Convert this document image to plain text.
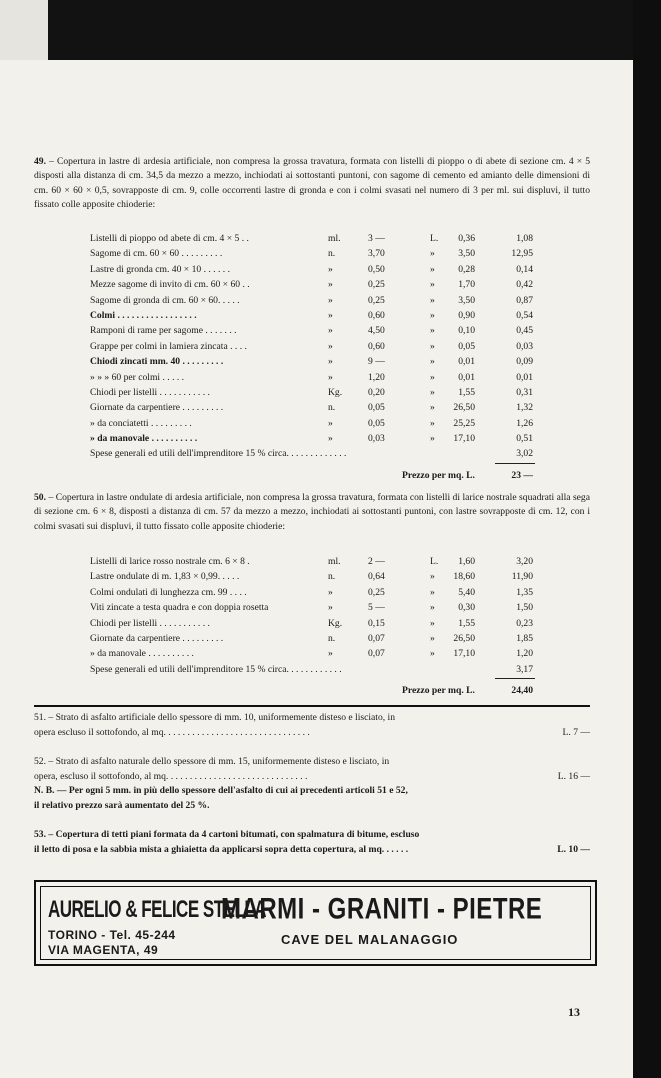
49. – Copertura in lastre di ardesia artificiale, non compresa la grossa travatura, formata con listelli di pioppo o di abete di sezione cm. 4 × 5 disposti alla distanza di cm. 34,5 da mezzo a mezzo, inchiodati ai sottostanti puntoni, con sagome di cemento ed amianto delle dimensioni di cm. 60 × 60 × 0,5, sovrapposte di cm. 9, colle occorrenti lastre di gronda e con i colmi svasati nel numero di 3 per ml. sui displuvi, il tutto fissato colle apposite chioderie:
Listelli di pioppo od abete di cm. 4 × 5 . .	ml.	3 —	L.	0,36	1,08
Sagome di cm. 60 × 60 . . . . . . . . .	n.	3,70	»	3,50	12,95
Lastre di gronda cm. 40 × 10 . . . . . .	»	0,50	»	0,28	0,14
Mezze sagome di invito di cm. 60 × 60 . .	»	0,25	»	1,70	0,42
Sagome di gronda di cm. 60 × 60. . . . .	»	0,25	»	3,50	0,87
Colmi . . . . . . . . . . . . . . . . .	»	0,60	»	0,90	0,54
Ramponi di rame per sagome . . . . . . .	»	4,50	»	0,10	0,45
Grappe per colmi in lamiera zincata . . . .	»	0,60	»	0,05	0,03
Chiodi zincati mm. 40 . . . . . . . . .	»	9 —	»	0,01	0,09
» » » 60 per colmi . . . . .	»	1,20	»	0,01	0,01
Chiodi per listelli . . . . . . . . . . .	Kg.	0,20	»	1,55	0,31
Giornate da carpentiere . . . . . . . . .	n.	0,05	»	26,50	1,32
» da conciatetti . . . . . . . . .	»	0,05	»	25,25	1,26
» da manovale . . . . . . . . . .	»	0,03	»	17,10	0,51
Spese generali ed utili dell'imprenditore 15 % circa. . . . . . . . . . . . .	3,02
Prezzo per mq. L.	23 —
50. – Copertura in lastre ondulate di ardesia artificiale, non compresa la grossa travatura, formata con listelli di larice nostrale squadrati alla sega di sezione cm. 6 × 8, disposti a distanza di cm. 57 da mezzo a mezzo, inchiodati ai sottostanti puntoni, con lastre sovrapposte di cm. 12, con i colmi svasati sui displuvi, il tutto fissato colle apposite chioderie:
Listelli di larice rosso nostrale cm. 6 × 8 .	ml.	2 —	L.	1,60	3,20
Lastre ondulate di m. 1,83 × 0,99. . . . .	n.	0,64	»	18,60	11,90
Colmi ondulati di lunghezza cm. 99 . . . .	»	0,25	»	5,40	1,35
Viti zincate a testa quadra e con doppia rosetta	»	5 —	»	0,30	1,50
Chiodi per listelli . . . . . . . . . . .	Kg.	0,15	»	1,55	0,23
Giornate da carpentiere . . . . . . . . .	n.	0,07	»	26,50	1,85
» da manovale . . . . . . . . . .	»	0,07	»	17,10	1,20
Spese generali ed utili dell'imprenditore 15 % circa. . . . . . . . . . . .	3,17
Prezzo per mq. L.	24,40
51. – Strato di asfalto artificiale dello spessore di mm. 10, uniformemente disteso e lisciato, in
opera escluso il sottofondo, al mq. . . . . . . . . . . . . . . . . . . . . . . . . . . . . . .	L. 7 —
52. – Strato di asfalto naturale dello spessore di mm. 15, uniformemente disteso e lisciato, in
opera, escluso il sottofondo, al mq. . . . . . . . . . . . . . . . . . . . . . . . . . . . . .	L. 16 —
N. B. — Per ogni 5 mm. in più dello spessore dell'asfalto di cui ai precedenti articoli 51 e 52,
il relativo prezzo sarà aumentato del 25 %.
53. – Copertura di tetti piani formata da 4 cartoni bitumati, con spalmatura di bitume, escluso
il letto di posa e la sabbia mista a ghiaietta da applicarsi sopra detta copertura, al mq. . . . . .	L. 10 —
AURELIO & FELICE STELLA
TORINO - Tel. 45-244
VIA MAGENTA, 49
MARMI - GRANITI - PIETRE
CAVE DEL MALANAGGIO
13
